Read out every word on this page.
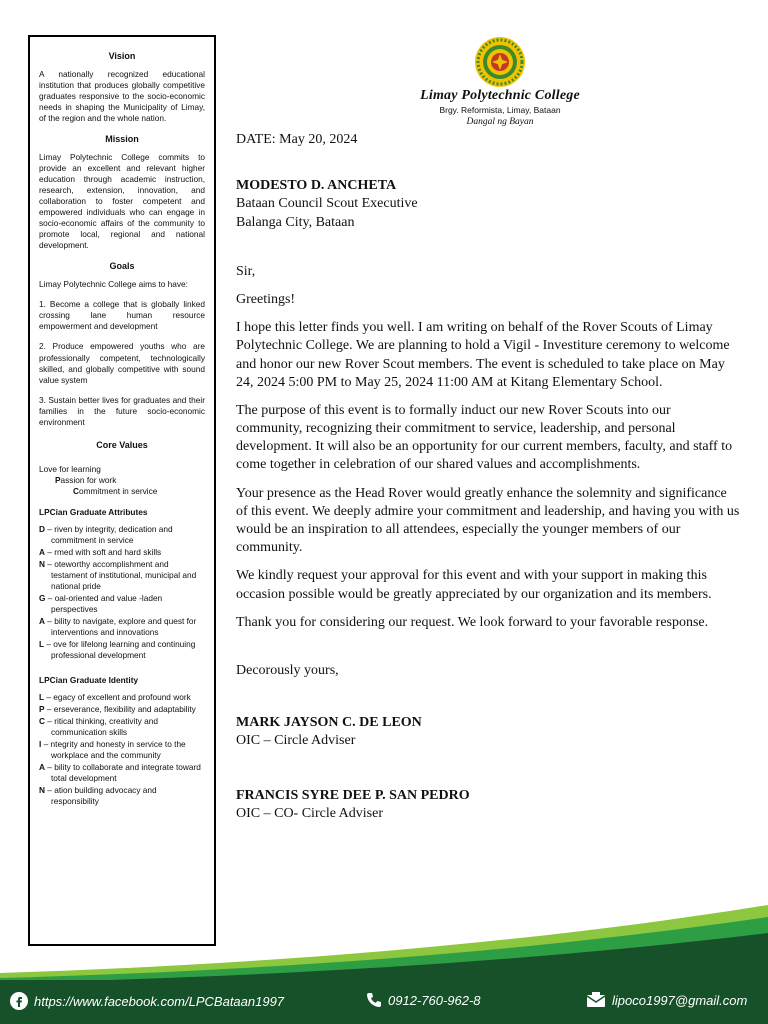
Vision

A nationally recognized educational institution that produces globally competitive graduates responsive to the socio-economic needs in shaping the Municipality of Limay, of the region and the whole nation.

Mission

Limay Polytechnic College commits to provide an excellent and relevant higher education through academic instruction, research, extension, innovation, and collaboration to foster competent and empowered individuals who can engage in socio-economic affairs of the community to promote local, regional and national development.

Goals

Limay Polytechnic College aims to have:

1. Become a college that is globally linked crossing lane human resource empowerment and development

2. Produce empowered youths who are professionally competent, technologically skilled, and globally competitive with sound value system

3. Sustain better lives for graduates and their families in the future socio-economic environment

Core Values

Love for learning

Passion for work

Commitment in service

LPCian Graduate Attributes
D – riven by integrity, dedication and commitment in service
A – rmed with soft and hard skills
N – oteworthy accomplishment and testament of institutional, municipal and national pride
G – oal-oriented and value -laden perspectives
A – bility to navigate, explore and quest for interventions and innovations
L – ove for lifelong learning and continuing professional development
LPCian Graduate Identity
L – egacy of excellent and profound work
P – erseverance, flexibility and adaptability
C – ritical thinking, creativity and communication skills
I – ntegrity and honesty in service to the workplace and the community
A – bility to collaborate and integrate toward total development
N – ation building advocacy and responsibility
Limay Polytechnic College
Brgy. Reformista, Limay, Bataan
Dangal ng Bayan

DATE: May 20, 2024

MODESTO D. ANCHETA

Bataan Council Scout Executive

Balanga City, Bataan

Sir,

Greetings!

I hope this letter finds you well. I am writing on behalf of the Rover Scouts of Limay Polytechnic College. We are planning to hold a Vigil - Investiture ceremony to welcome and honor our new Rover Scout members. The event is scheduled to take place on May 24, 2024 5:00 PM to May 25, 2024 11:00 AM at Kitang Elementary School.

The purpose of this event is to formally induct our new Rover Scouts into our community, recognizing their commitment to service, leadership, and personal development. It will also be an opportunity for our current members, faculty, and staff to come together in celebration of our shared values and accomplishments.

Your presence as the Head Rover would greatly enhance the solemnity and significance of this event. We deeply admire your commitment and leadership, and having you with us would be an inspiration to all attendees, especially the younger members of our community.

We kindly request your approval for this event and with your support in making this occasion possible would be greatly appreciated by our organization and its members.

Thank you for considering our request. We look forward to your favorable response.

Decorously yours,

MARK JAYSON C. DE LEON

OIC – Circle Adviser

FRANCIS SYRE DEE P. SAN PEDRO

OIC – CO- Circle Adviser

https://www.facebook.com/LPCBataan1997	0912-760-962-8	lipoco1997@gmail.com
